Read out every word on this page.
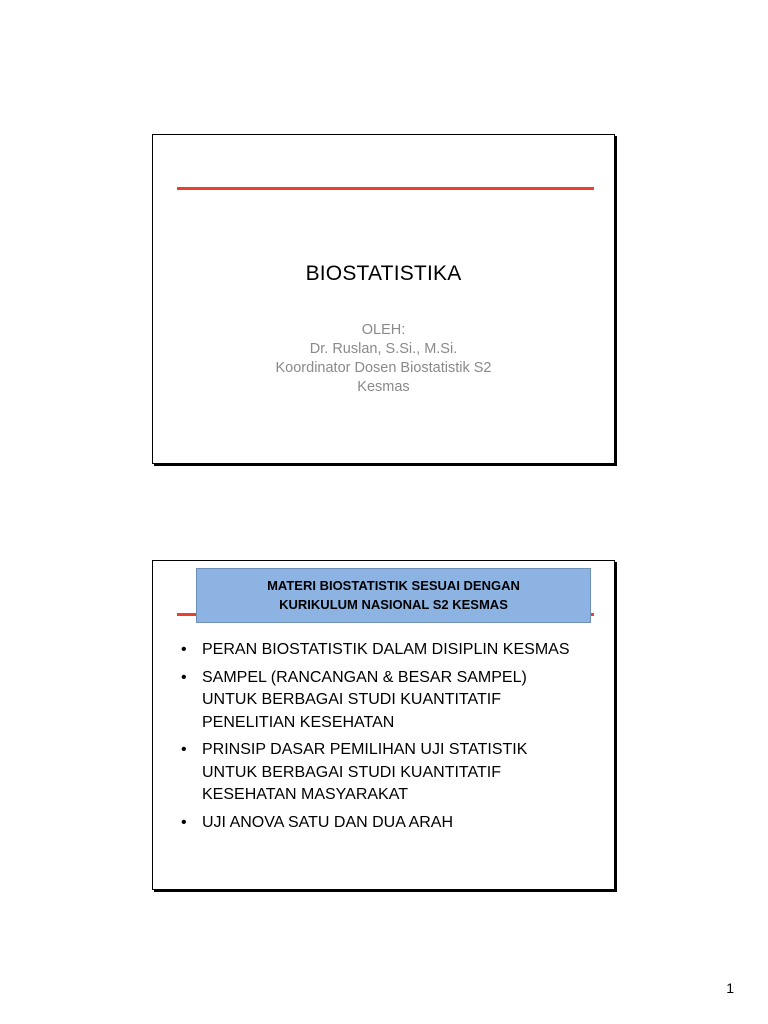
BIOSTATISTIKA
OLEH:
Dr. Ruslan, S.Si., M.Si.
Koordinator Dosen Biostatistik S2
Kesmas
MATERI BIOSTATISTIK SESUAI DENGAN
KURIKULUM NASIONAL S2 KESMAS
• PERAN BIOSTATISTIK DALAM DISIPLIN KESMAS
• SAMPEL (RANCANGAN & BESAR SAMPEL)
UNTUK BERBAGAI STUDI KUANTITATIF
PENELITIAN KESEHATAN
• PRINSIP DASAR PEMILIHAN UJI STATISTIK
UNTUK BERBAGAI STUDI KUANTITATIF
KESEHATAN MASYARAKAT
• UJI ANOVA SATU DAN DUA ARAH
1
